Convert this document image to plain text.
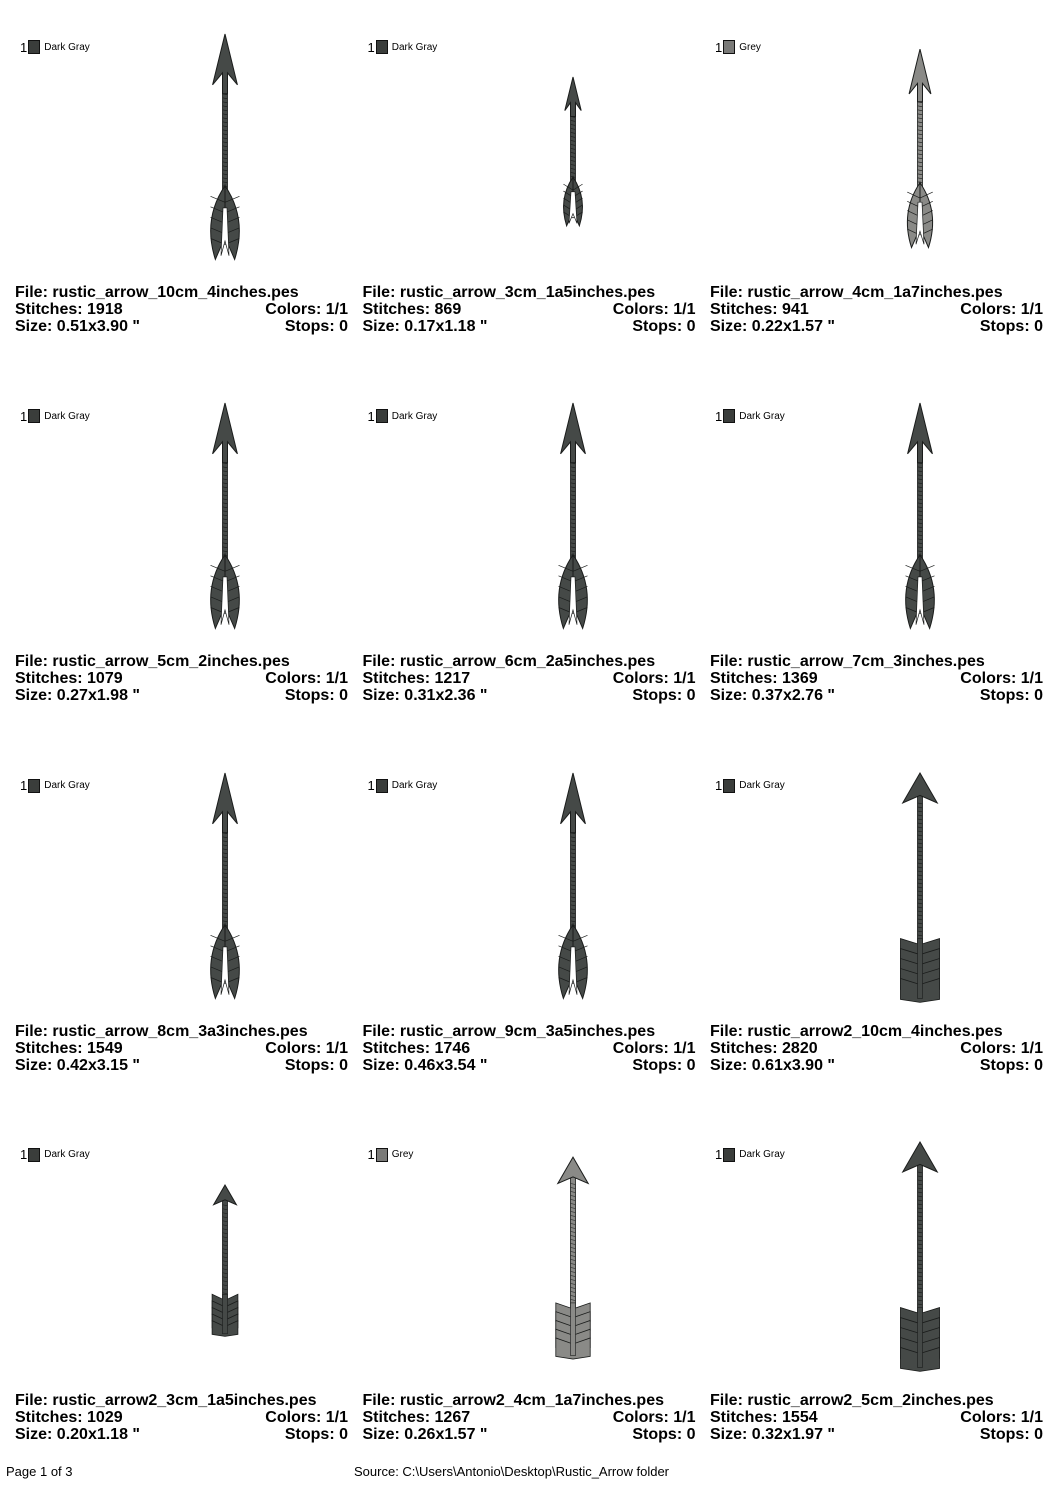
1 Dark Gray
File: rustic_arrow_10cm_4inches.pes
Stitches: 1918	Colors: 1/1
Size: 0.51x3.90 "	Stops: 0
1 Dark Gray
File: rustic_arrow_3cm_1a5inches.pes
Stitches: 869	Colors: 1/1
Size: 0.17x1.18 "	Stops: 0
1 Grey
File: rustic_arrow_4cm_1a7inches.pes
Stitches: 941	Colors: 1/1
Size: 0.22x1.57 "	Stops: 0
1 Dark Gray
File: rustic_arrow_5cm_2inches.pes
Stitches: 1079	Colors: 1/1
Size: 0.27x1.98 "	Stops: 0
1 Dark Gray
File: rustic_arrow_6cm_2a5inches.pes
Stitches: 1217	Colors: 1/1
Size: 0.31x2.36 "	Stops: 0
1 Dark Gray
File: rustic_arrow_7cm_3inches.pes
Stitches: 1369	Colors: 1/1
Size: 0.37x2.76 "	Stops: 0
1 Dark Gray
File: rustic_arrow_8cm_3a3inches.pes
Stitches: 1549	Colors: 1/1
Size: 0.42x3.15 "	Stops: 0
1 Dark Gray
File: rustic_arrow_9cm_3a5inches.pes
Stitches: 1746	Colors: 1/1
Size: 0.46x3.54 "	Stops: 0
1 Dark Gray
File: rustic_arrow2_10cm_4inches.pes
Stitches: 2820	Colors: 1/1
Size: 0.61x3.90 "	Stops: 0
1 Dark Gray
File: rustic_arrow2_3cm_1a5inches.pes
Stitches: 1029	Colors: 1/1
Size: 0.20x1.18 "	Stops: 0
1 Grey
File: rustic_arrow2_4cm_1a7inches.pes
Stitches: 1267	Colors: 1/1
Size: 0.26x1.57 "	Stops: 0
1 Dark Gray
File: rustic_arrow2_5cm_2inches.pes
Stitches: 1554	Colors: 1/1
Size: 0.32x1.97 "	Stops: 0
Page 1 of 3	Source: C:\Users\Antonio\Desktop\Rustic_Arrow folder
